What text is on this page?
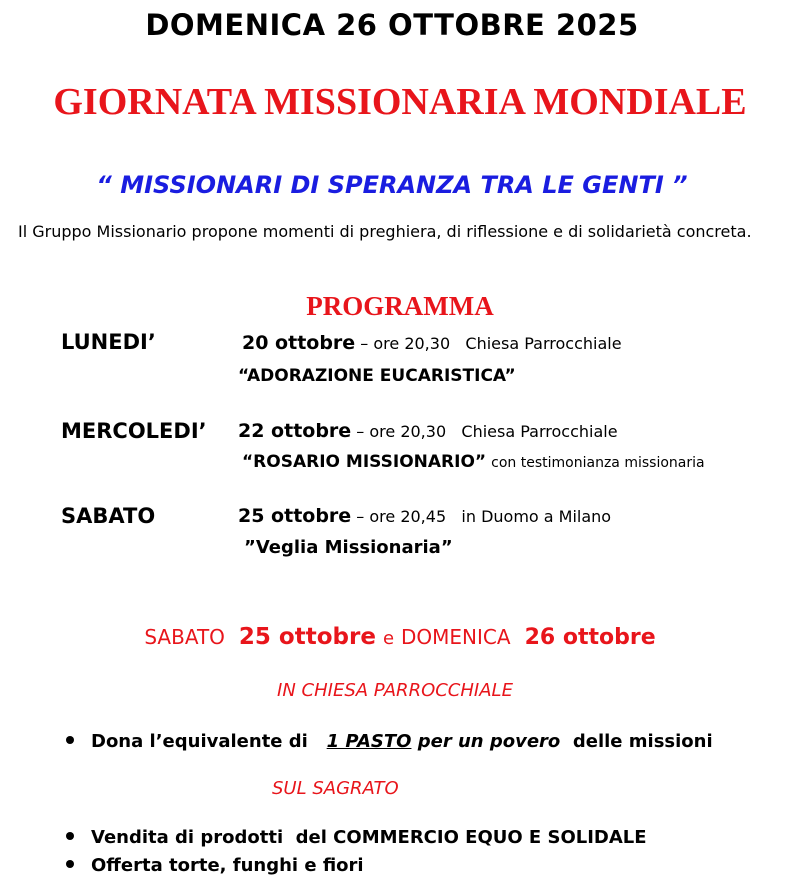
DOMENICA 26 OTTOBRE 2025
GIORNATA MISSIONARIA MONDIALE
“ MISSIONARI DI SPERANZA TRA LE GENTI ”
Il Gruppo Missionario propone momenti di preghiera, di riflessione e di solidarietà concreta.
PROGRAMMA
LUNEDI’	20 ottobre – ore 20,30 Chiesa Parrocchiale
“ADORAZIONE EUCARISTICA”
MERCOLEDI’ 22 ottobre – ore 20,30 Chiesa Parrocchiale
“ROSARIO MISSIONARIO” con testimonianza missionaria
SABATO	25 ottobre – ore 20,45 in Duomo a Milano
”Veglia Missionaria”
SABATO 25 ottobre e DOMENICA 26 ottobre
IN CHIESA PARROCCHIALE
Dona l’equivalente di 1 PASTO per un povero delle missioni
SUL SAGRATO
Vendita di prodotti  del COMMERCIO EQUO E SOLIDALE
Offerta torte, funghi e fiori
